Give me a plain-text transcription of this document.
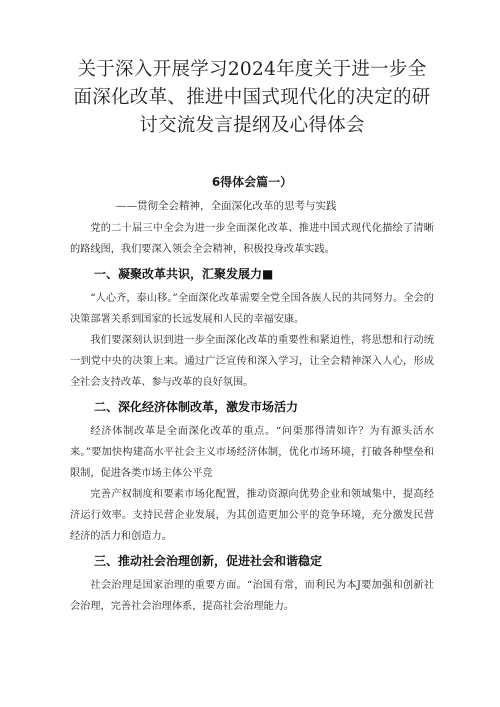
关于深入开展学习2024年度关于进一步全
面深化改革、推进中国式现代化的决定的研
讨交流发言提纲及心得体会
6得体会篇一）
——贯彻全会精神，全面深化改革的思考与实践

党的二十届三中全会为进一步全面深化改革、推进中国式现代化描绘了清晰的路线图，我们要深入领会全会精神，积极投身改革实践。

一、凝聚改革共识，汇聚发展力■

“人心齐，泰山移。”全面深化改革需要全党全国各族人民的共同努力。全会的决策部署关系到国家的长远发展和人民的幸福安康。

我们要深刻认识到进一步全面深化改革的重要性和紧迫性，将思想和行动统一到党中央的决策上来。通过广泛宣传和深入学习，让全会精神深入人心，形成全社会支持改革、参与改革的良好氛围。

二、深化经济体制改革，激发市场活力

经济体制改革是全面深化改革的重点。“问渠那得清如许？为有源头活水来。”要加快构建高水平社会主义市场经济体制，优化市场环境，打破各种壁垒和限制，促进各类市场主体公平竞

完善产权制度和要素市场化配置，推动资源向优势企业和领域集中，提高经济运行效率。支持民营企业发展，为其创造更加公平的竞争环境，充分激发民营经济的活力和创造力。

三、推动社会治理创新，促进社会和谐稳定

社会治理是国家治理的重要方面。“治国有常，而利民为本J要加强和创新社会治理，完善社会治理体系，提高社会治理能力。
